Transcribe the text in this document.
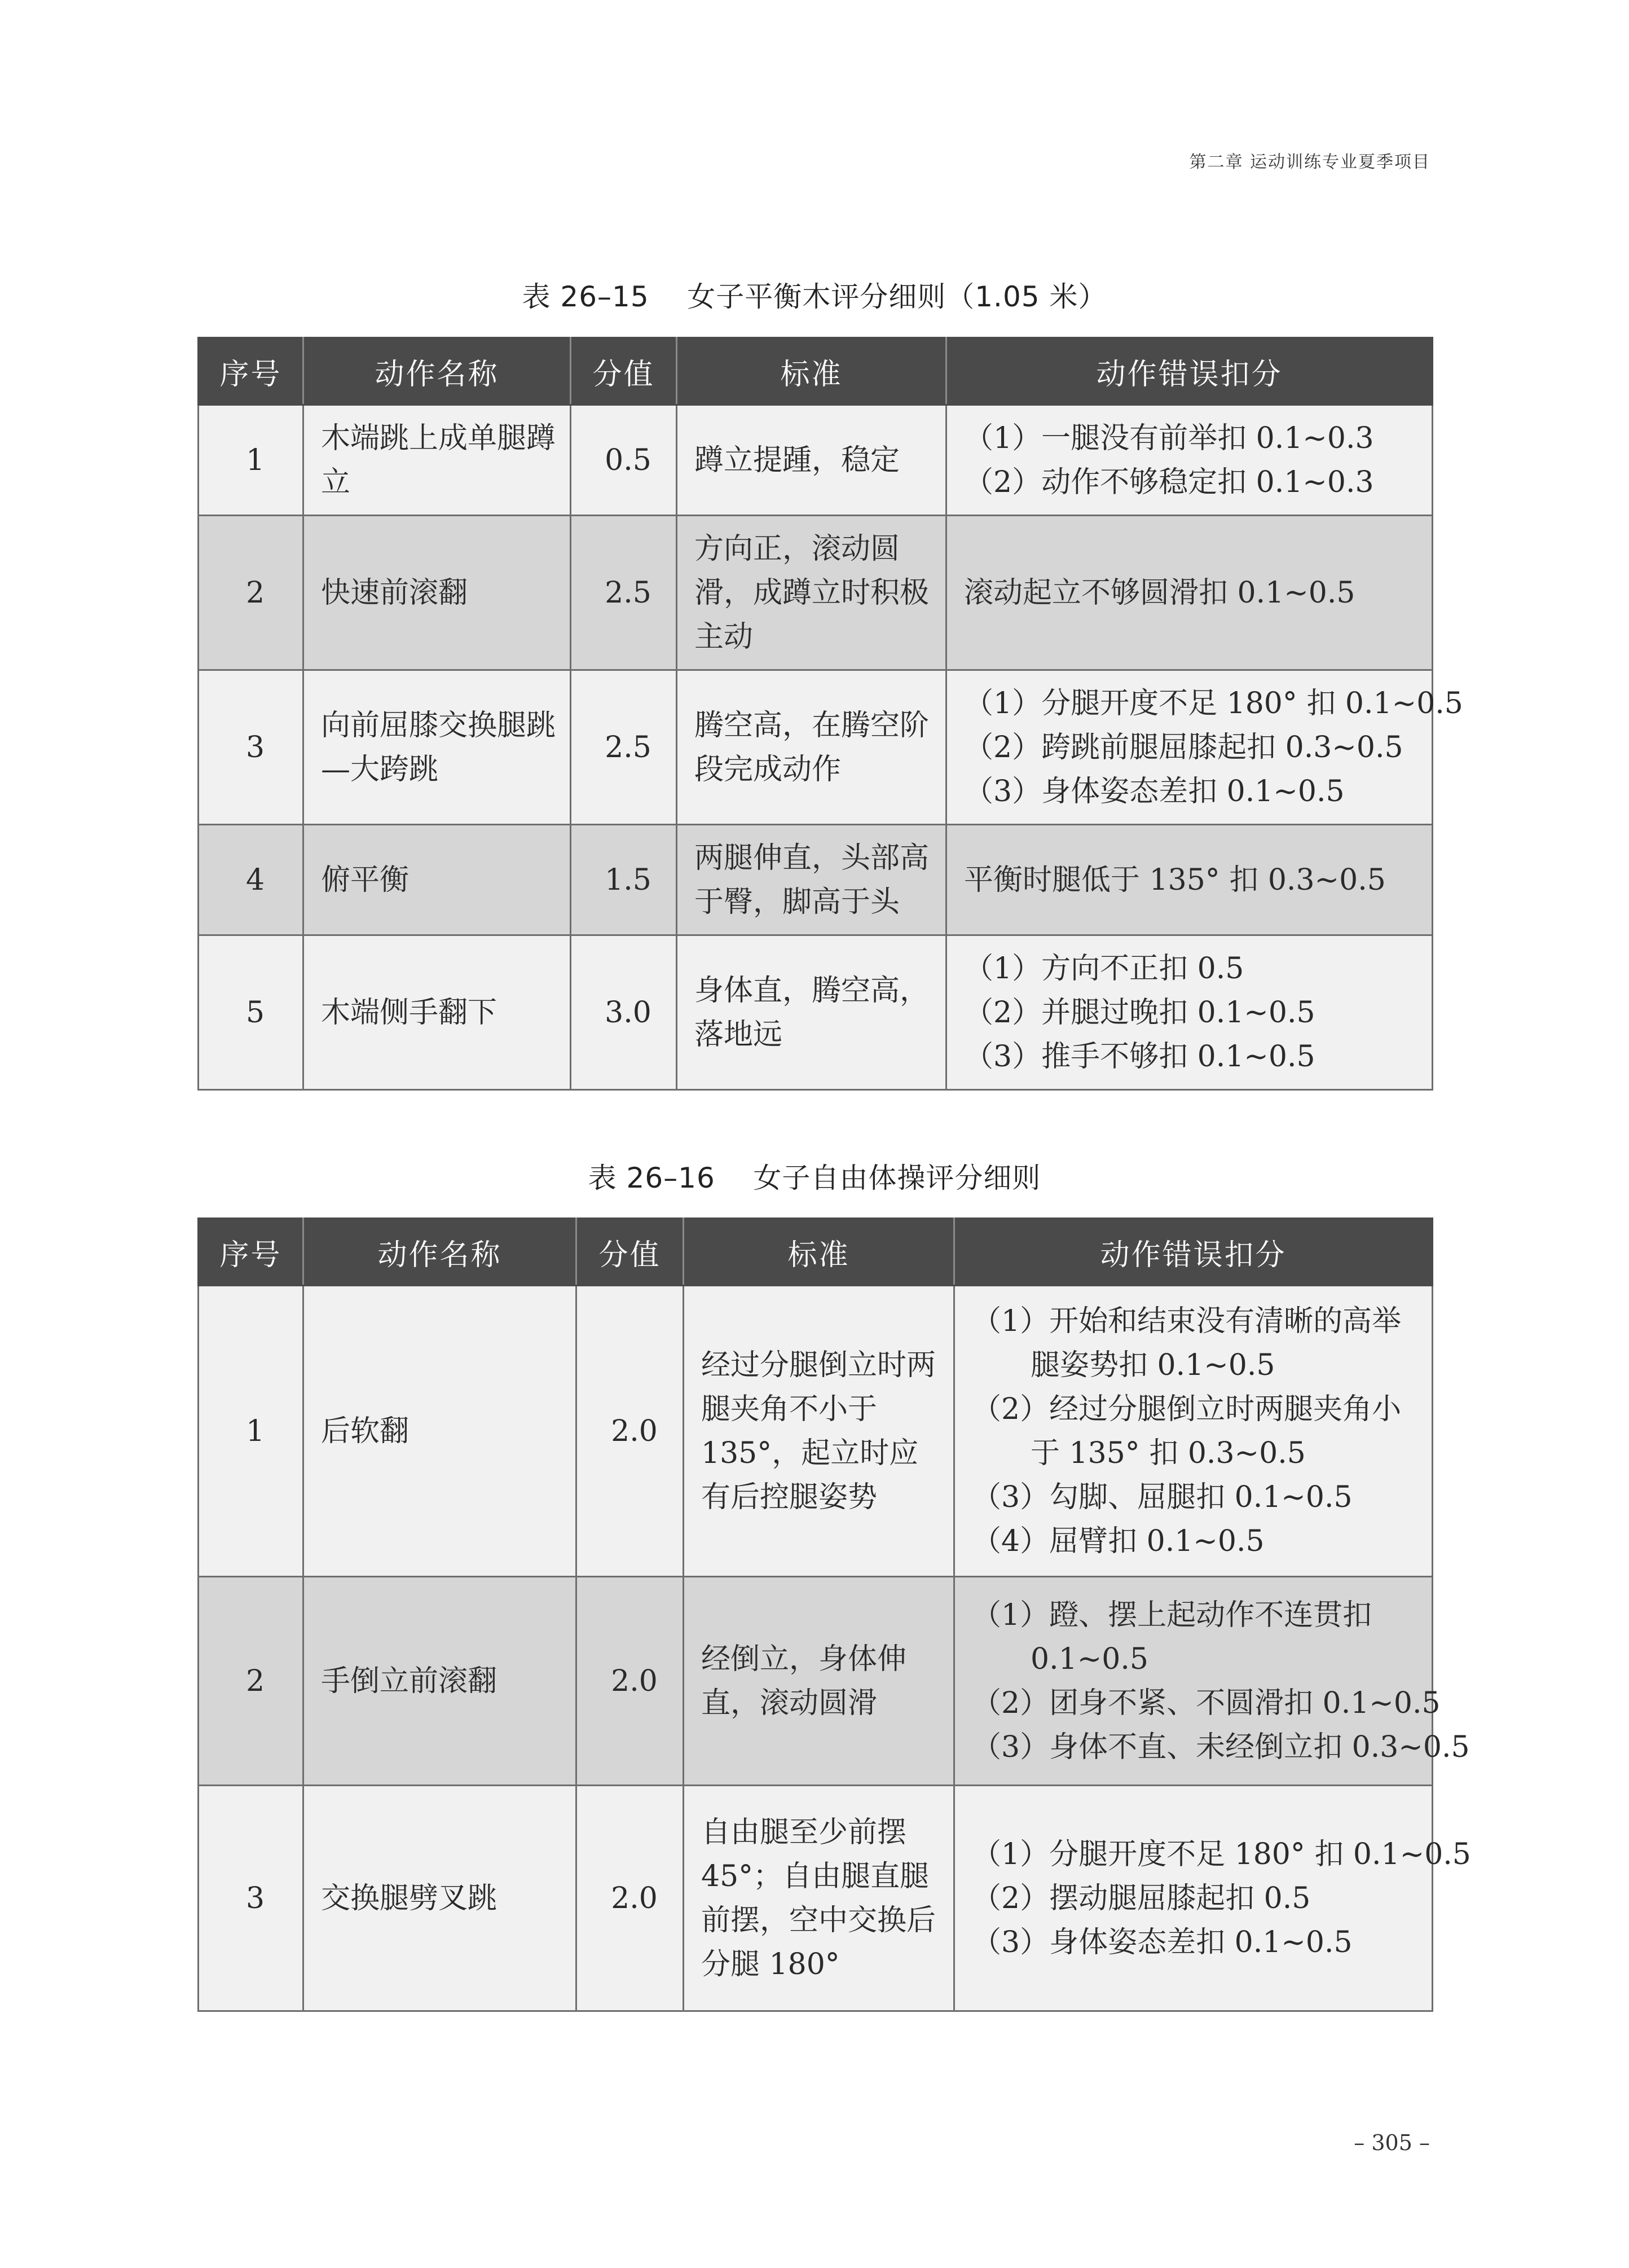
第二章 运动训练专业夏季项目
表 26–15    女子平衡木评分细则（1.05 米）
序号	动作名称	分值	标准	动作错误扣分
1	木端跳上成单腿蹲立	0.5	蹲立提踵，稳定	（1）一腿没有前举扣 0.1~0.3
（2）动作不够稳定扣 0.1~0.3

2	快速前滚翻	2.5	方向正，滚动圆滑，成蹲立时积极主动	滚动起立不够圆滑扣 0.1~0.5

3	向前屈膝交换腿跳—大跨跳	2.5	腾空高，在腾空阶段完成动作	（1）分腿开度不足 180° 扣 0.1~0.5
（2）跨跳前腿屈膝起扣 0.3~0.5
（3）身体姿态差扣 0.1~0.5

4	俯平衡	1.5	两腿伸直，头部高于臀，脚高于头	平衡时腿低于 135° 扣 0.3~0.5

5	木端侧手翻下	3.0	身体直，腾空高，落地远	（1）方向不正扣 0.5
（2）并腿过晚扣 0.1~0.5
（3）推手不够扣 0.1~0.5
表 26–16    女子自由体操评分细则
序号	动作名称	分值	标准	动作错误扣分
1	后软翻	2.0	经过分腿倒立时两腿夹角不小于 135°，起立时应有后控腿姿势	（1）开始和结束没有清晰的高举腿姿势扣 0.1~0.5
（2）经过分腿倒立时两腿夹角小于 135° 扣 0.3~0.5
（3）勾脚、屈腿扣 0.1~0.5
（4）屈臂扣 0.1~0.5

2	手倒立前滚翻	2.0	经倒立，身体伸直，滚动圆滑	（1）蹬、摆上起动作不连贯扣 0.1~0.5
（2）团身不紧、不圆滑扣 0.1~0.5
（3）身体不直、未经倒立扣 0.3~0.5

3	交换腿劈叉跳	2.0	自由腿至少前摆 45°；自由腿直腿前摆，空中交换后分腿 180°	（1）分腿开度不足 180° 扣 0.1~0.5
（2）摆动腿屈膝起扣 0.5
（3）身体姿态差扣 0.1~0.5
– 305 –
